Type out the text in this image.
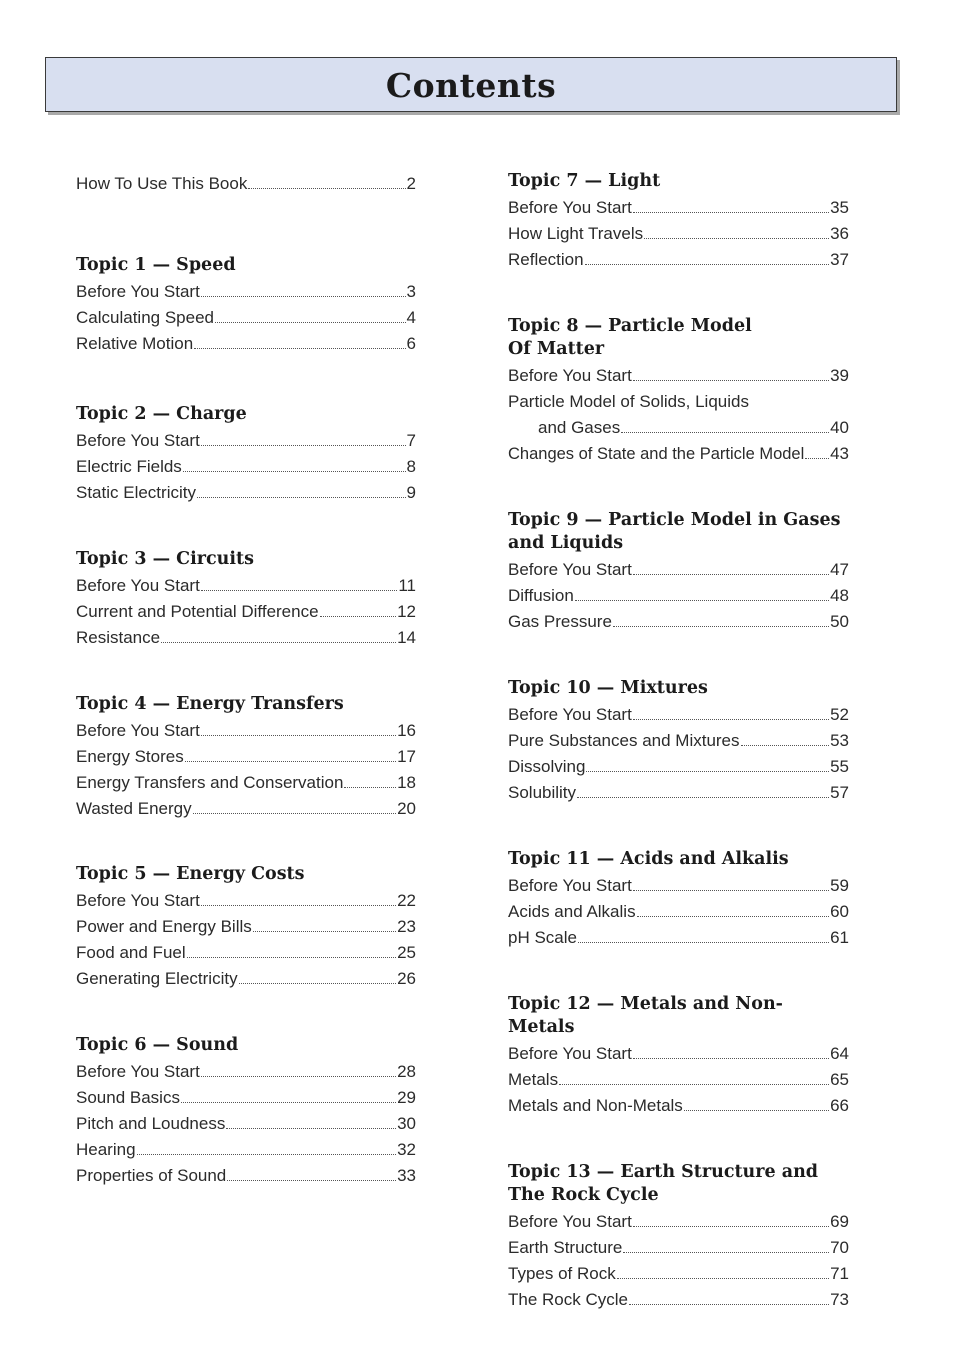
Contents
How To Use This Book	2
Topic 1 — Speed
Before You Start	3
Calculating Speed	4
Relative Motion	6
Topic 2 — Charge
Before You Start	7
Electric Fields	8
Static Electricity	9
Topic 3 — Circuits
Before You Start	11
Current and Potential Difference	12
Resistance	14
Topic 4 — Energy Transfers
Before You Start	16
Energy Stores	17
Energy Transfers and Conservation	18
Wasted Energy	20
Topic 5 — Energy Costs
Before You Start	22
Power and Energy Bills	23
Food and Fuel	25
Generating Electricity	26
Topic 6 — Sound
Before You Start	28
Sound Basics	29
Pitch and Loudness	30
Hearing	32
Properties of Sound	33
Topic 7 — Light
Before You Start	35
How Light Travels	36
Reflection	37
Topic 8 — Particle Model
Of Matter
Before You Start	39
Particle Model of Solids, Liquids
and Gases	40
Changes of State and the Particle Model 43
Topic 9 — Particle Model in Gases
and Liquids
Before You Start	47
Diffusion	48
Gas Pressure	50
Topic 10 — Mixtures
Before You Start	52
Pure Substances and Mixtures	53
Dissolving	55
Solubility	57
Topic 11 — Acids and Alkalis
Before You Start	59
Acids and Alkalis	60
pH Scale	61
Topic 12 — Metals and Non-Metals
Before You Start	64
Metals	65
Metals and Non-Metals	66
Topic 13 — Earth Structure and
The Rock Cycle
Before You Start	69
Earth Structure	70
Types of Rock	71
The Rock Cycle	73
